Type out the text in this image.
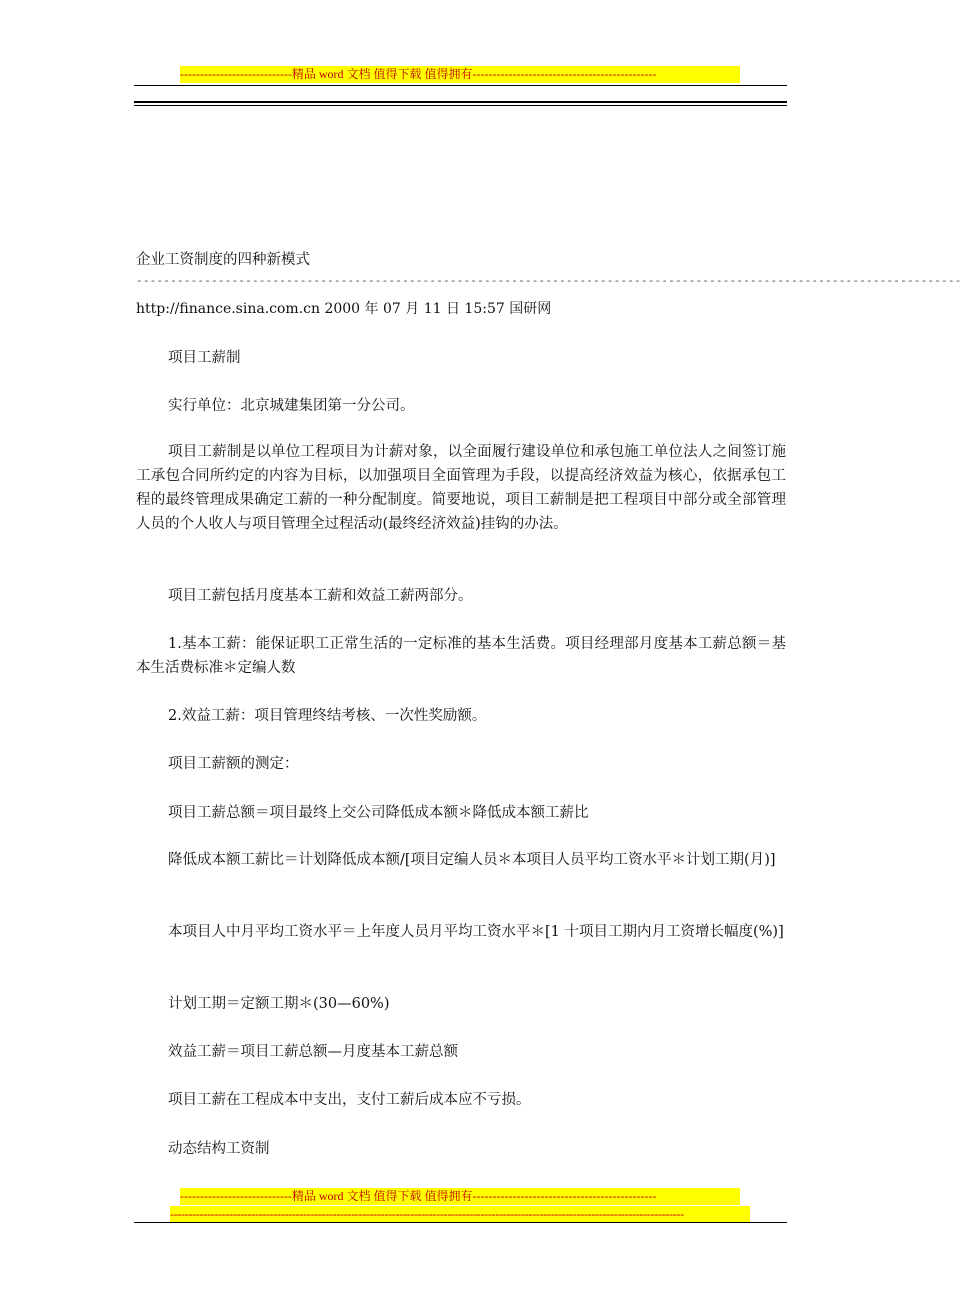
----------------------------精品 word 文档 值得下载 值得拥有----------------------------------------------
企业工资制度的四种新模式
-------------------------------------------------------------------------------------------------------------------------
http://finance.sina.com.cn 2000 年 07 月 11 日 15:57 国研网

项目工薪制

实行单位：北京城建集团第一分公司。

项目工薪制是以单位工程项目为计薪对象，以全面履行建设单位和承包施工单位法人之间签订施工承包合同所约定的内容为目标，以加强项目全面管理为手段，以提高经济效益为核心，依据承包工程的最终管理成果确定工薪的一种分配制度。简要地说，项目工薪制是把工程项目中部分或全部管理人员的个人收人与项目管理全过程活动(最终经济效益)挂钩的办法。

项目工薪包括月度基本工薪和效益工薪两部分。

1.基本工薪：能保证职工正常生活的一定标准的基本生活费。项目经理部月度基本工薪总额＝基本生活费标准＊定编人数

2.效益工薪：项目管理终结考核、一次性奖励额。

项目工薪额的测定：

项目工薪总额＝项目最终上交公司降低成本额＊降低成本额工薪比

降低成本额工薪比＝计划降低成本额/[项目定编人员＊本项目人员平均工资水平＊计划工期(月)]

本项目人中月平均工资水平＝上年度人员月平均工资水平＊[1 十项目工期内月工资增长幅度(%)]

计划工期＝定额工期＊(30—60%)

效益工薪＝项目工薪总额—月度基本工薪总额

项目工薪在工程成本中支出，支付工薪后成本应不亏损。

动态结构工资制

----------------------------精品 word 文档 值得下载 值得拥有----------------------------------------------
-------------------------------------------------------------------------------------------------------------------------------------------
